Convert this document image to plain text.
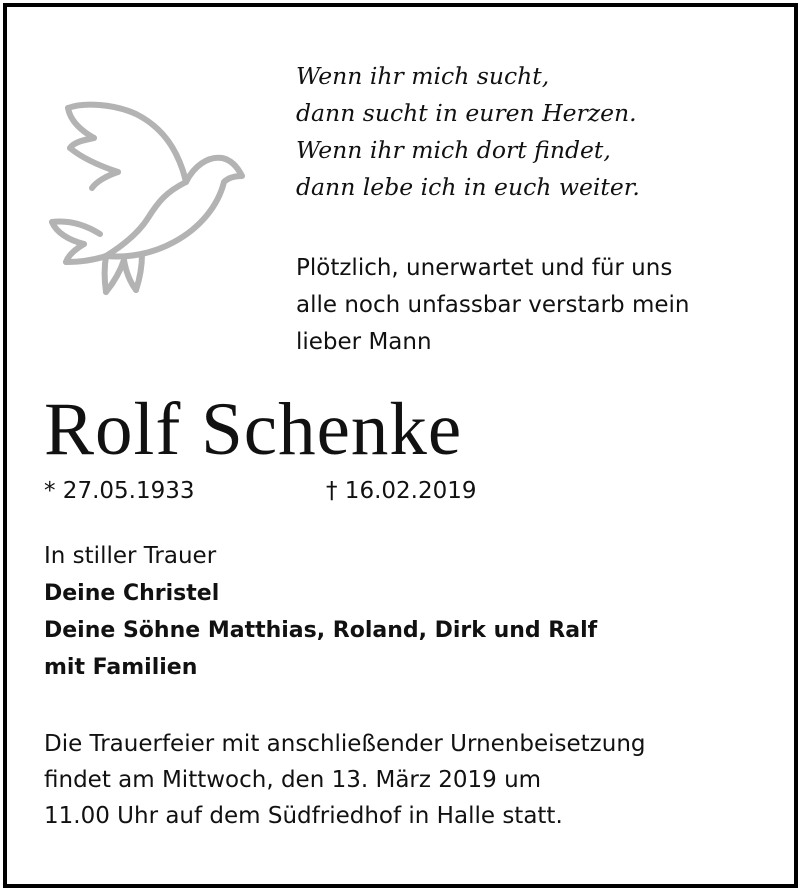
Wenn ihr mich sucht,
dann sucht in euren Herzen.
Wenn ihr mich dort findet,
dann lebe ich in euch weiter.
Plötzlich, unerwartet und für uns
alle noch unfassbar verstarb mein
lieber Mann
Rolf Schenke
* 27.05.1933	† 16.02.2019
In stiller Trauer
Deine Christel
Deine Söhne Matthias, Roland, Dirk und Ralf
mit Familien
Die Trauerfeier mit anschließender Urnenbeisetzung
findet am Mittwoch, den 13. März 2019 um
11.00 Uhr auf dem Südfriedhof in Halle statt.
